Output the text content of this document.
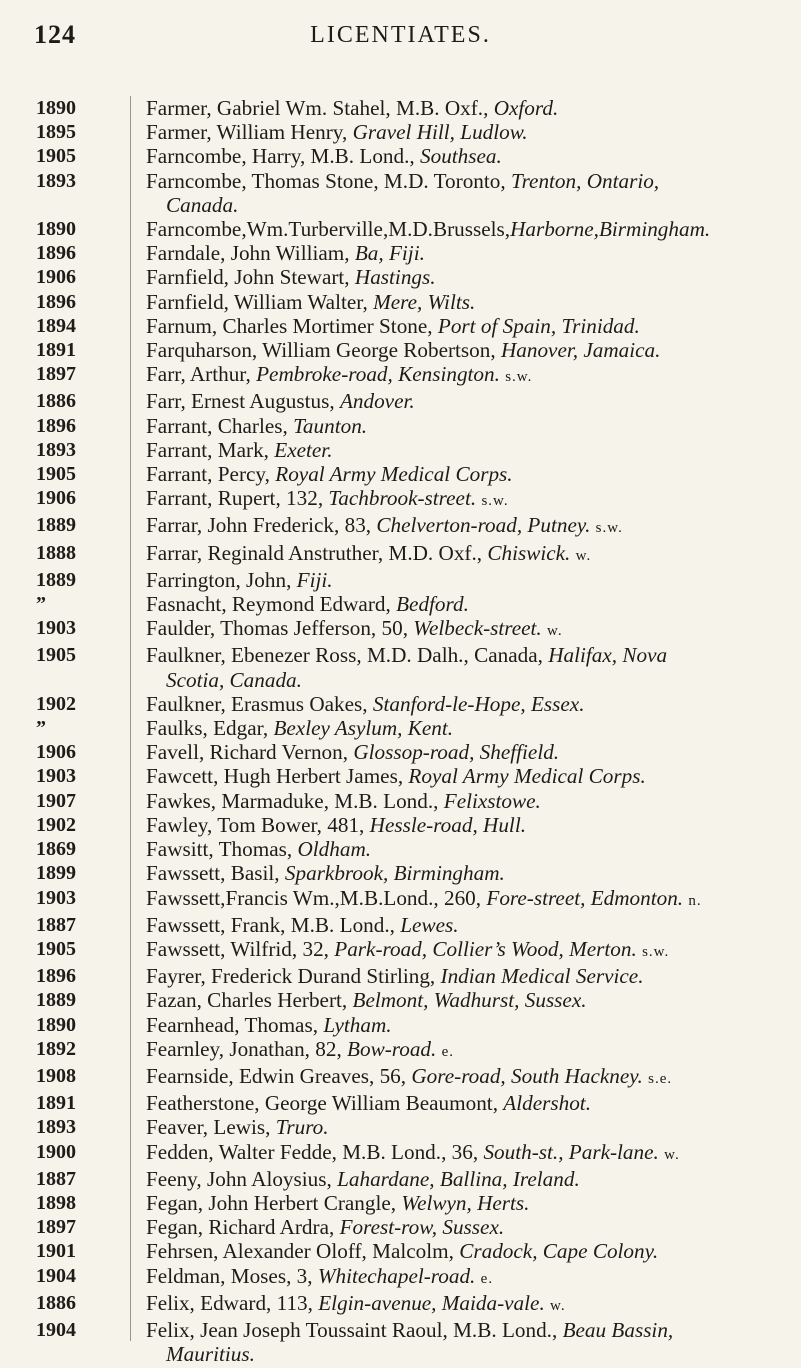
124	LICENTIATES.
1890	Farmer, Gabriel Wm. Stahel, M.B. Oxf., Oxford.
1895	Farmer, William Henry, Gravel Hill, Ludlow.
1905	Farncombe, Harry, M.B. Lond., Southsea.
1893	Farncombe, Thomas Stone, M.D. Toronto, Trenton, Ontario,
Canada.
1890	Farncombe,Wm.Turberville,M.D.Brussels,Harborne,Birmingham.
1896	Farndale, John William, Ba, Fiji.
1906	Farnfield, John Stewart, Hastings.
1896	Farnfield, William Walter, Mere, Wilts.
1894	Farnum, Charles Mortimer Stone, Port of Spain, Trinidad.
1891	Farquharson, William George Robertson, Hanover, Jamaica.
1897	Farr, Arthur, Pembroke-road, Kensington. s.w.
1886	Farr, Ernest Augustus, Andover.
1896	Farrant, Charles, Taunton.
1893	Farrant, Mark, Exeter.
1905	Farrant, Percy, Royal Army Medical Corps.
1906	Farrant, Rupert, 132, Tachbrook-street. s.w.
1889	Farrar, John Frederick, 83, Chelverton-road, Putney. s.w.
1888	Farrar, Reginald Anstruther, M.D. Oxf., Chiswick. w.
1889	Farrington, John, Fiji.
”	Fasnacht, Reymond Edward, Bedford.
1903	Faulder, Thomas Jefferson, 50, Welbeck-street. w.
1905	Faulkner, Ebenezer Ross, M.D. Dalh., Canada, Halifax, Nova
Scotia, Canada.
1902	Faulkner, Erasmus Oakes, Stanford-le-Hope, Essex.
”	Faulks, Edgar, Bexley Asylum, Kent.
1906	Favell, Richard Vernon, Glossop-road, Sheffield.
1903	Fawcett, Hugh Herbert James, Royal Army Medical Corps.
1907	Fawkes, Marmaduke, M.B. Lond., Felixstowe.
1902	Fawley, Tom Bower, 481, Hessle-road, Hull.
1869	Fawsitt, Thomas, Oldham.
1899	Fawssett, Basil, Sparkbrook, Birmingham.
1903	Fawssett,Francis Wm.,M.B.Lond., 260, Fore-street, Edmonton. n.
1887	Fawssett, Frank, M.B. Lond., Lewes.
1905	Fawssett, Wilfrid, 32, Park-road, Collier’s Wood, Merton. s.w.
1896	Fayrer, Frederick Durand Stirling, Indian Medical Service.
1889	Fazan, Charles Herbert, Belmont, Wadhurst, Sussex.
1890	Fearnhead, Thomas, Lytham.
1892	Fearnley, Jonathan, 82, Bow-road. e.
1908	Fearnside, Edwin Greaves, 56, Gore-road, South Hackney. s.e.
1891	Featherstone, George William Beaumont, Aldershot.
1893	Feaver, Lewis, Truro.
1900	Fedden, Walter Fedde, M.B. Lond., 36, South-st., Park-lane. w.
1887	Feeny, John Aloysius, Lahardane, Ballina, Ireland.
1898	Fegan, John Herbert Crangle, Welwyn, Herts.
1897	Fegan, Richard Ardra, Forest-row, Sussex.
1901	Fehrsen, Alexander Oloff, Malcolm, Cradock, Cape Colony.
1904	Feldman, Moses, 3, Whitechapel-road. e.
1886	Felix, Edward, 113, Elgin-avenue, Maida-vale. w.
1904	Felix, Jean Joseph Toussaint Raoul, M.B. Lond., Beau Bassin,
Mauritius.
